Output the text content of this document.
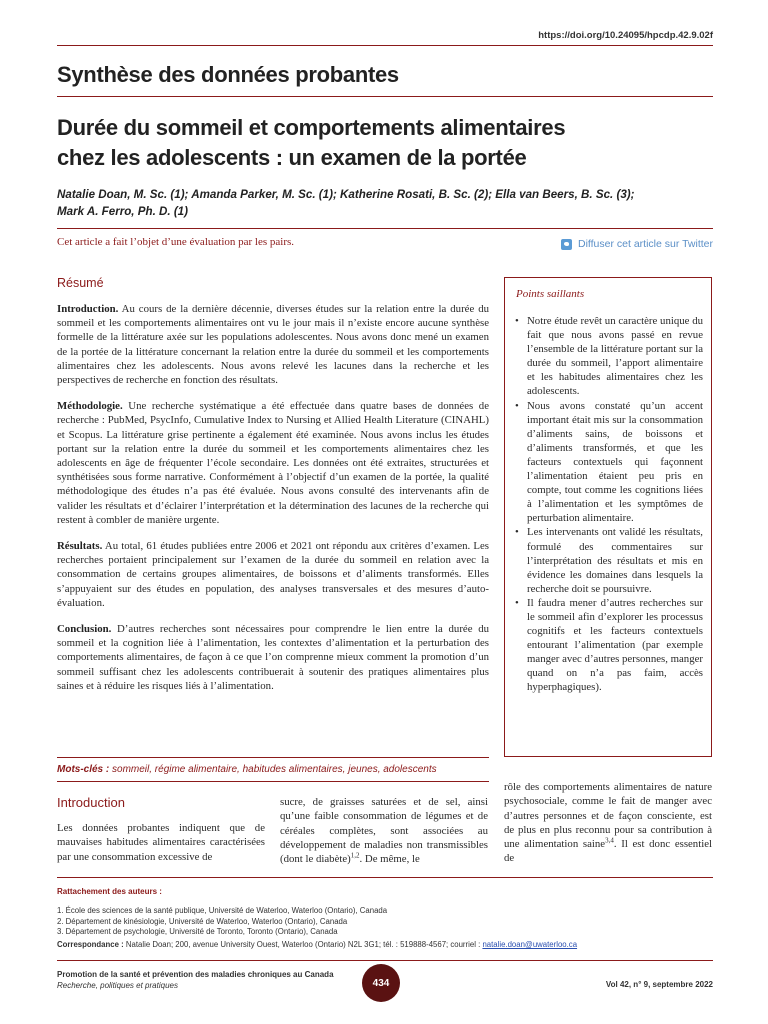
https://doi.org/10.24095/hpcdp.42.9.02f
Synthèse des données probantes
Durée du sommeil et comportements alimentaires
chez les adolescents : un examen de la portée
Natalie Doan, M. Sc. (1); Amanda Parker, M. Sc. (1); Katherine Rosati, B. Sc. (2); Ella van Beers, B. Sc. (3);
Mark A. Ferro, Ph. D. (1)
Cet article a fait l’objet d’une évaluation par les pairs.	Diffuser cet article sur Twitter
Résumé

Introduction. Au cours de la dernière décennie, diverses études sur la relation entre la durée du sommeil et les comportements alimentaires ont vu le jour mais il n’existe encore aucune synthèse formelle de la littérature axée sur les populations adolescentes. Nous avons donc mené un examen de la portée de la littérature concernant la relation entre la durée du sommeil et les comportements alimentaires chez les adolescents. Nous avons relevé les lacunes dans la recherche et les perspectives de recherche en fonction des résultats.

Méthodologie. Une recherche systématique a été effectuée dans quatre bases de données de recherche : PubMed, PsycInfo, Cumulative Index to Nursing et Allied Health Literature (CINAHL) et Scopus. La littérature grise pertinente a également été examinée. Nous avons inclus les études portant sur la relation entre la durée du sommeil et les comportements alimentaires chez les adolescents en âge de fréquenter l’école secondaire. Les données ont été extraites, structurées et synthétisées sous forme narrative. Conformément à l’objectif d’un examen de la portée, la qualité méthodologique des études n’a pas été évaluée. Nous avons consulté des intervenants afin de valider les résultats et d’éclairer l’interprétation et la détermination des lacunes de la recherche qui restent à combler de manière urgente.

Résultats. Au total, 61 études publiées entre 2006 et 2021 ont répondu aux critères d’examen. Les recherches portaient principalement sur l’examen de la durée du sommeil en relation avec la consommation de certains groupes alimentaires, de boissons et d’aliments transformés. Elles s’appuyaient sur des études en population, des analyses transversales et des mesures d’auto-évaluation.

Conclusion. D’autres recherches sont nécessaires pour comprendre le lien entre la durée du sommeil et la cognition liée à l’alimentation, les contextes d’alimentation et la perturbation des comportements alimentaires, de façon à ce que l’on comprenne mieux comment la promotion d’un sommeil suffisant chez les adolescents contribuerait à soutenir des pratiques alimentaires plus saines et à réduire les risques liés à l’alimentation.

Points saillants
• Notre étude revêt un caractère unique du fait que nous avons passé en revue l’ensemble de la littérature portant sur la durée du sommeil, l’apport alimentaire et les habitudes alimentaires chez les adolescents.
• Nous avons constaté qu’un accent important était mis sur la consommation d’aliments sains, de boissons et d’aliments transformés, et que les facteurs contextuels qui façonnent l’alimentation étaient peu pris en compte, tout comme les cognitions liées à l’alimentation et les symptômes de perturbation alimentaire.
• Les intervenants ont validé les résultats, formulé des commentaires sur l’interprétation des résultats et mis en évidence les domaines dans lesquels la recherche doit se poursuivre.
• Il faudra mener d’autres recherches sur le sommeil afin d’explorer les processus cognitifs et les facteurs contextuels entourant l’alimentation (par exemple manger avec d’autres personnes, manger quand on n’a pas faim, accès hyperphagiques).
Mots-clés : sommeil, régime alimentaire, habitudes alimentaires, jeunes, adolescents
Introduction
Les données probantes indiquent que de mauvaises habitudes alimentaires caractérisées par une consommation excessive de
sucre, de graisses saturées et de sel, ainsi qu’une faible consommation de légumes et de céréales complètes, sont associées au développement de maladies non transmissibles (dont le diabète)$^{1,2}$. De même, le
rôle des comportements alimentaires de nature psychosociale, comme le fait de manger avec d’autres personnes et de façon consciente, est de plus en plus reconnu pour sa contribution à une alimentation saine$^{3,4}$. Il est donc essentiel de
Rattachement des auteurs :
1. École des sciences de la santé publique, Université de Waterloo, Waterloo (Ontario), Canada
2. Département de kinésiologie, Université de Waterloo, Waterloo (Ontario), Canada
3. Département de psychologie, Université de Toronto, Toronto (Ontario), Canada
Correspondance : Natalie Doan; 200, avenue University Ouest, Waterloo (Ontario) N2L 3G1; tél. : 519888-4567; courriel : natalie.doan@uwaterloo.ca
Promotion de la santé et prévention des maladies chroniques au Canada
Recherche, politiques et pratiques	434	Vol 42, n° 9, septembre 2022
